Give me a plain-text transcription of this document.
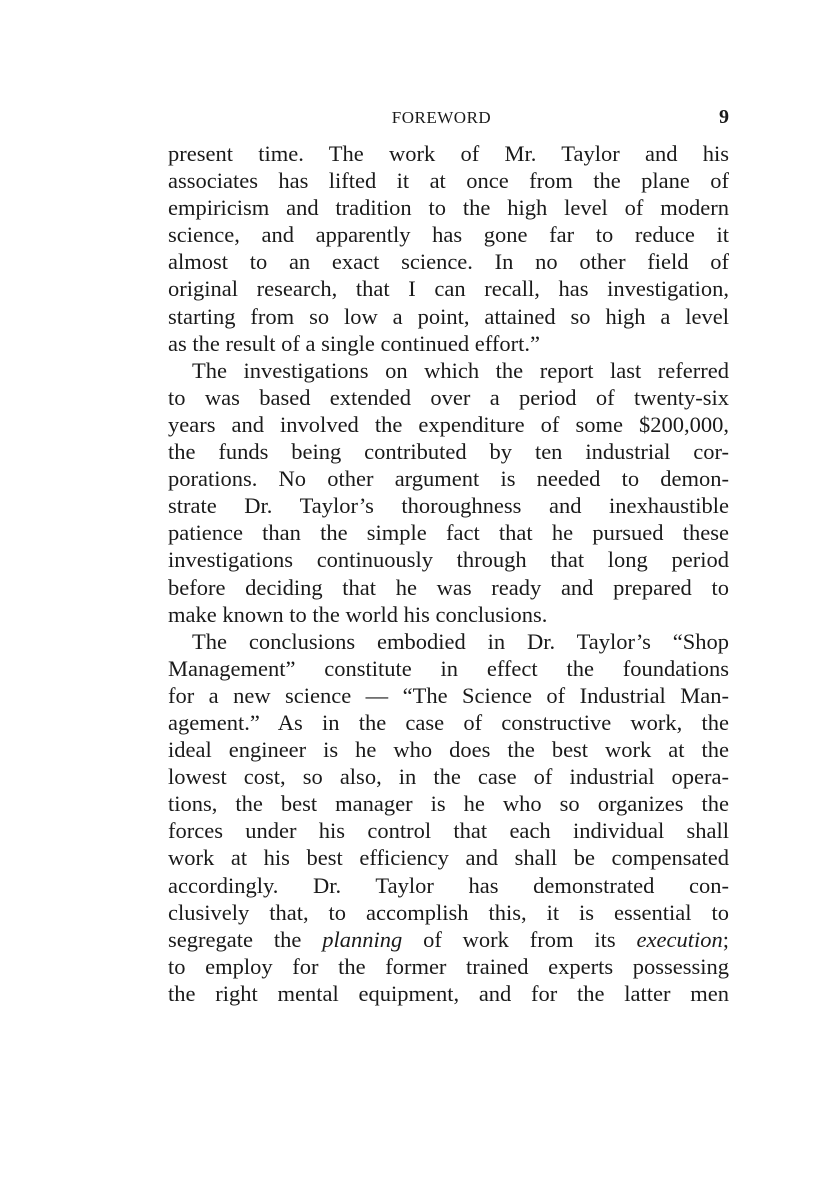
FOREWORD	9
present time. The work of Mr. Taylor and his
associates has lifted it at once from the plane of
empiricism and tradition to the high level of modern
science, and apparently has gone far to reduce it
almost to an exact science. In no other field of
original research, that I can recall, has investigation,
starting from so low a point, attained so high a level
as the result of a single continued effort.”
The investigations on which the report last referred
to was based extended over a period of twenty-six
years and involved the expenditure of some $200,000,
the funds being contributed by ten industrial cor-
porations. No other argument is needed to demon-
strate Dr. Taylor’s thoroughness and inexhaustible
patience than the simple fact that he pursued these
investigations continuously through that long period
before deciding that he was ready and prepared to
make known to the world his conclusions.
The conclusions embodied in Dr. Taylor’s “Shop
Management” constitute in effect the foundations
for a new science — “The Science of Industrial Man-
agement.” As in the case of constructive work, the
ideal engineer is he who does the best work at the
lowest cost, so also, in the case of industrial opera-
tions, the best manager is he who so organizes the
forces under his control that each individual shall
work at his best efficiency and shall be compensated
accordingly. Dr. Taylor has demonstrated con-
clusively that, to accomplish this, it is essential to
segregate the planning of work from its execution;
to employ for the former trained experts possessing
the right mental equipment, and for the latter men
